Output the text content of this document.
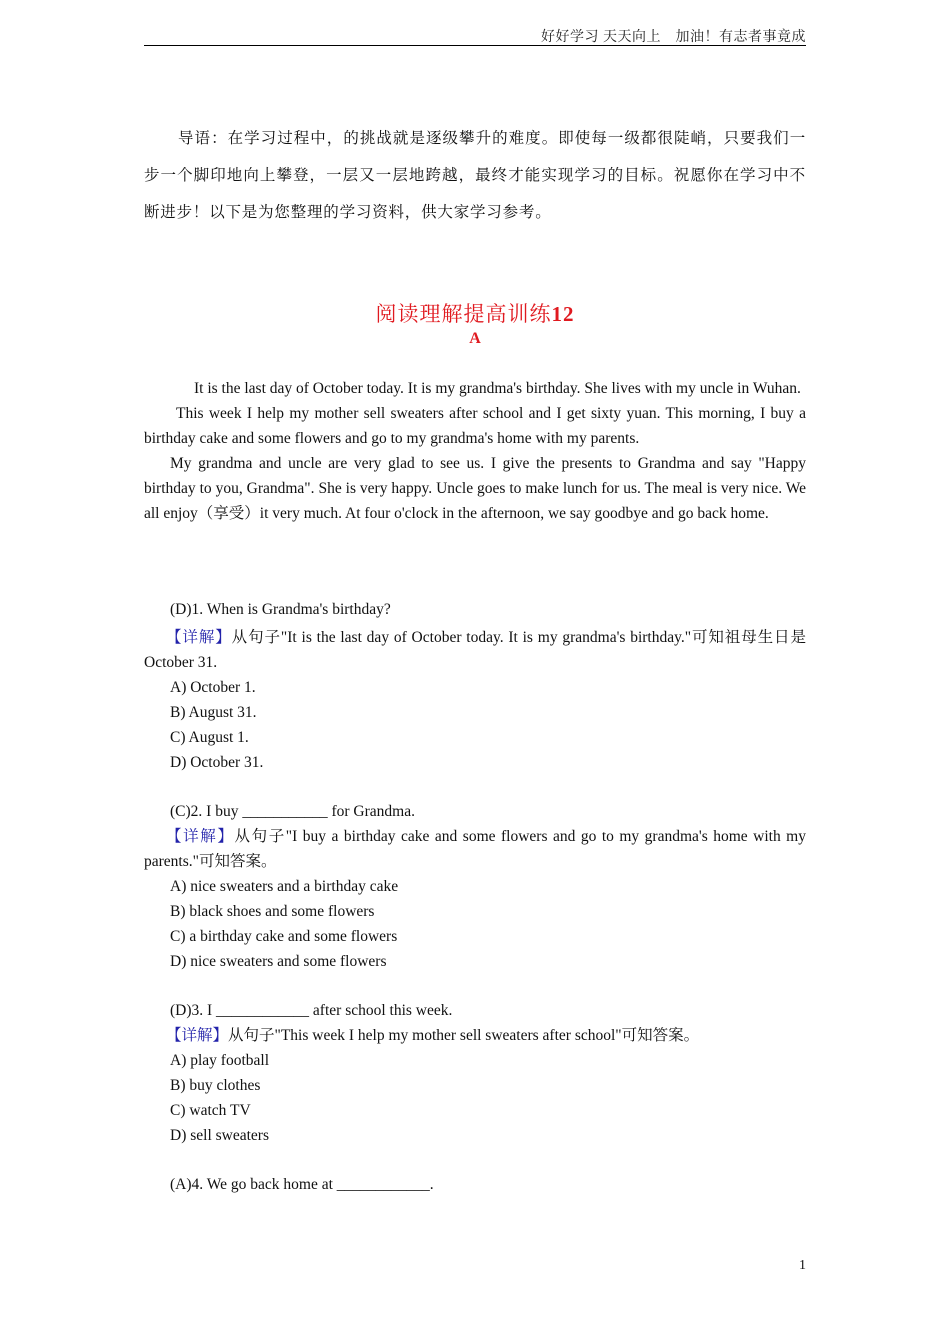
好好学习 天天向上　加油！有志者事竟成
导语：在学习过程中，的挑战就是逐级攀升的难度。即使每一级都很陡峭，只要我们一步一个脚印地向上攀登，一层又一层地跨越，最终才能实现学习的目标。祝愿你在学习中不断进步！以下是为您整理的学习资料，供大家学习参考。
阅读理解提高训练12
A

It is the last day of October today. It is my grandma's birthday. She lives with my uncle in Wuhan.

This week I help my mother sell sweaters after school and I get sixty yuan. This morning, I buy a birthday cake and some flowers and go to my grandma's home with my parents.

My grandma and uncle are very glad to see us. I give the presents to Grandma and say "Happy birthday to you, Grandma". She is very happy. Uncle goes to make lunch for us. The meal is very nice. We all enjoy（享受）it very much. At four o'clock in the afternoon, we say goodbye and go back home.

(D)1. When is Grandma's birthday?
【详解】从句子"It is the last day of October today. It is my grandma's birthday."可知祖母生日是 October 31.
A) October 1.
B) August 31.
C) August 1.
D) October 31.
(C)2. I buy ___________ for Grandma.
【详解】从句子"I buy a birthday cake and some flowers and go to my grandma's home with my parents."可知答案。
A) nice sweaters and a birthday cake
B) black shoes and some flowers
C) a birthday cake and some flowers
D) nice sweaters and some flowers
(D)3. I ____________ after school this week.
【详解】从句子"This week I help my mother sell sweaters after school"可知答案。
A) play football
B) buy clothes
C) watch TV
D) sell sweaters
(A)4. We go back home at ____________.
1
